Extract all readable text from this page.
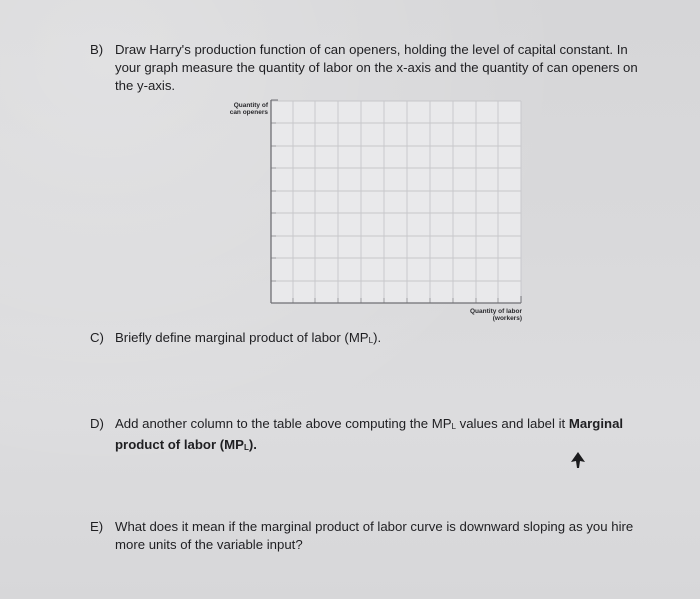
B) Draw Harry's production function of can openers, holding the level of capital constant. In your graph measure the quantity of labor on the x-axis and the quantity of can openers on the y-axis.
Quantity of
can openers
Quantity of labor
(workers)
C) Briefly define marginal product of labor $(MP_L)$.
D) Add another column to the table above computing the $MP_L$ values and label it Marginal product of labor $(MP_L)$.
E) What does it mean if the marginal product of labor curve is downward sloping as you hire more units of the variable input?
